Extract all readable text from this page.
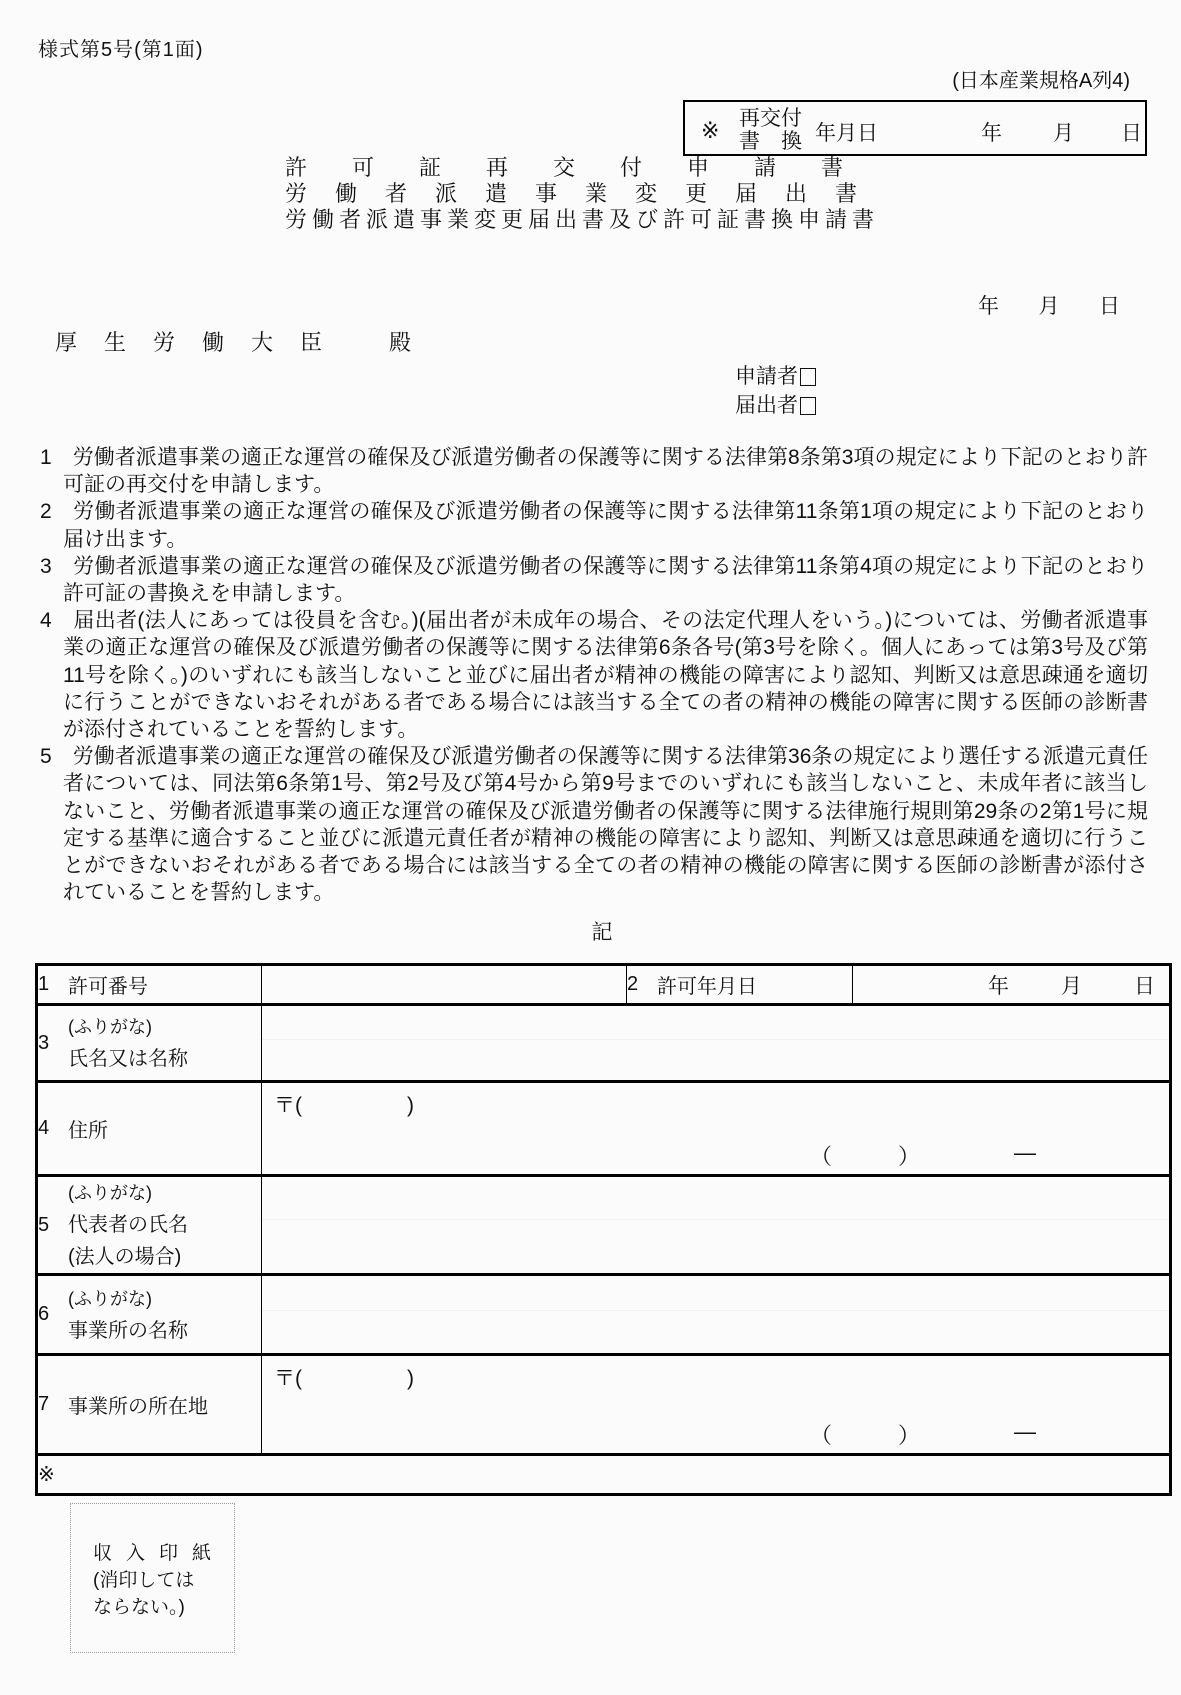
様式第5号(第1面)
(日本産業規格A列4)
※ 再交付
書　換 年月日	年 月 日
許可証再交付申請書
労働者派遣事業変更届出書
労働者派遣事業変更届出書及び許可証書換申請書
年 月 日
厚生労働大臣 殿
申請者
届出者

1　労働者派遣事業の適正な運営の確保及び派遣労働者の保護等に関する法律第8条第3項の規定により下記のとおり許可証の再交付を申請します。

2　労働者派遣事業の適正な運営の確保及び派遣労働者の保護等に関する法律第11条第1項の規定により下記のとおり届け出ます。

3　労働者派遣事業の適正な運営の確保及び派遣労働者の保護等に関する法律第11条第4項の規定により下記のとおり許可証の書換えを申請します。

4　届出者(法人にあっては役員を含む。)(届出者が未成年の場合、その法定代理人をいう。)については、労働者派遣事業の適正な運営の確保及び派遣労働者の保護等に関する法律第6条各号(第3号を除く。個人にあっては第3号及び第11号を除く。)のいずれにも該当しないこと並びに届出者が精神の機能の障害により認知、判断又は意思疎通を適切に行うことができないおそれがある者である場合には該当する全ての者の精神の機能の障害に関する医師の診断書が添付されていることを誓約します。

5　労働者派遣事業の適正な運営の確保及び派遣労働者の保護等に関する法律第36条の規定により選任する派遣元責任者については、同法第6条第1号、第2号及び第4号から第9号までのいずれにも該当しないこと、未成年者に該当しないこと、労働者派遣事業の適正な運営の確保及び派遣労働者の保護等に関する法律施行規則第29条の2第1号に規定する基準に適合すること並びに派遣元責任者が精神の機能の障害により認知、判断又は意思疎通を適切に行うことができないおそれがある者である場合には該当する全ての者の精神の機能の障害に関する医師の診断書が添付されていることを誓約します。

記
1 許可番号		2 許可年月日	年 月 日

3
(ふりがな)
氏名又は名称			

4 住所	〒(　　　　　)
（　　　） ―		

5
(ふりがな)
代表者の氏名
(法人の場合)			

6
(ふりがな)
事業所の名称			

7 事業所の所在地	〒(　　　　　)
（　　　） ―		

※			
収入印紙
(消印しては
ならない。)
